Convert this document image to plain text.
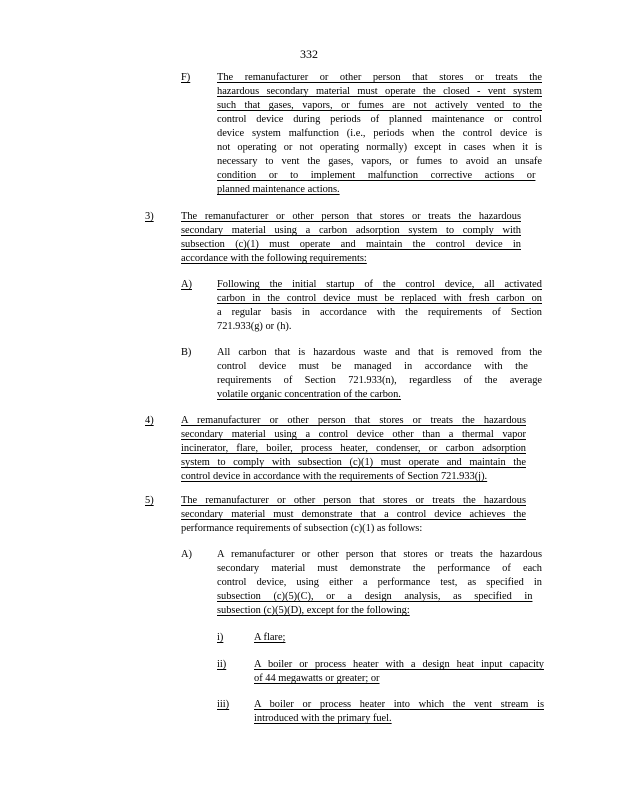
332
F)	The remanufacturer or other person that stores or treats the
hazardous secondary material must operate the closed - vent system
such that gases, vapors, or fumes are not actively vented to the
control device during periods of planned maintenance or control
device system malfunction (i.e., periods when the control device is
not operating or not operating normally) except in cases when it is
necessary to vent the gases, vapors, or fumes to avoid an unsafe
condition or to implement malfunction corrective actions or
planned maintenance actions.
3)	The remanufacturer or other person that stores or treats the hazardous
secondary material using a carbon adsorption system to comply with
subsection (c)(1) must operate and maintain the control device in
accordance with the following requirements:
A) Following the initial startup of the control device, all activated
carbon in the control device must be replaced with fresh carbon on
a regular basis in accordance with the requirements of Section
721.933(g) or (h).
B) All carbon that is hazardous waste and that is removed from the
control device must be managed in accordance with the
requirements of Section 721.933(n), regardless of the average
volatile organic concentration of the carbon.
4)	A remanufacturer or other person that stores or treats the hazardous
secondary material using a control device other than a thermal vapor
incinerator, flare, boiler, process heater, condenser, or carbon adsorption
system to comply with subsection (c)(1) must operate and maintain the
control device in accordance with the requirements of Section 721.933(j).
5)	The remanufacturer or other person that stores or treats the hazardous
secondary material must demonstrate that a control device achieves the
performance requirements of subsection (c)(1) as follows:
A) A remanufacturer or other person that stores or treats the hazardous
secondary material must demonstrate the performance of each
control device, using either a performance test, as specified in
subsection (c)(5)(C), or a design analysis, as specified in
subsection (c)(5)(D), except for the following:
i)	A flare;
ii)	A boiler or process heater with a design heat input capacity
of 44 megawatts or greater; or
iii) A boiler or process heater into which the vent stream is
introduced with the primary fuel.
